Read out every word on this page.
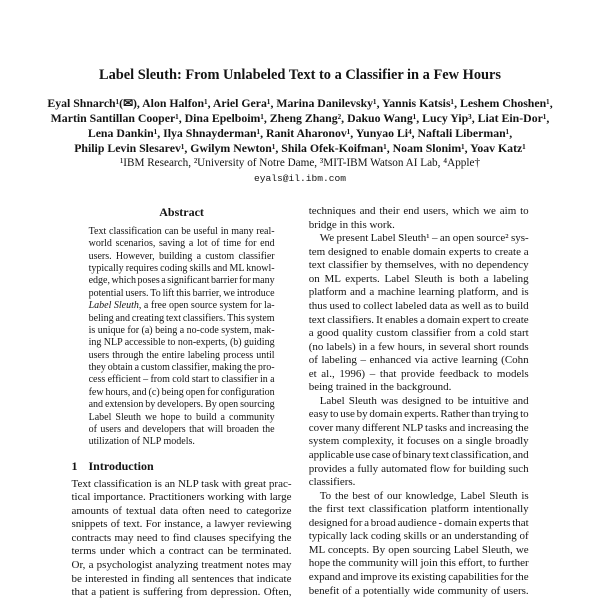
Label Sleuth: From Unlabeled Text to a Classifier in a Few Hours
Eyal Shnarch¹(✉), Alon Halfon¹, Ariel Gera¹, Marina Danilevsky¹, Yannis Katsis¹, Leshem Choshen¹,
Martin Santillan Cooper¹, Dina Epelboim¹, Zheng Zhang², Dakuo Wang¹, Lucy Yip³, Liat Ein-Dor¹,
Lena Dankin¹, Ilya Shnayderman¹, Ranit Aharonov¹, Yunyao Li⁴, Naftali Liberman¹,
Philip Levin Slesarev¹, Gwilym Newton¹, Shila Ofek-Koifman¹, Noam Slonim¹, Yoav Katz¹
¹IBM Research, ²University of Notre Dame, ³MIT-IBM Watson AI Lab, ⁴Apple†
eyals@il.ibm.com
Abstract
Text classification can be useful in many real-
world scenarios, saving a lot of time for end
users. However, building a custom classifier
typically requires coding skills and ML knowl-
edge, which poses a significant barrier for many
potential users. To lift this barrier, we introduce
Label Sleuth, a free open source system for la-
beling and creating text classifiers. This system
is unique for (a) being a no-code system, mak-
ing NLP accessible to non-experts, (b) guiding
users through the entire labeling process until
they obtain a custom classifier, making the pro-
cess efficient – from cold start to classifier in a
few hours, and (c) being open for configuration
and extension by developers. By open sourcing
Label Sleuth we hope to build a community
of users and developers that will broaden the
utilization of NLP models.
1 Introduction
Text classification is an NLP task with great prac-
tical importance. Practitioners working with large
amounts of textual data often need to categorize
snippets of text. For instance, a lawyer reviewing
contracts may need to find clauses specifying the
terms under which a contract can be terminated.
Or, a psychologist analyzing treatment notes may
be interested in finding all sentences that indicate
that a patient is suffering from depression. Often,
techniques and their end users, which we aim to
bridge in this work.
We present Label Sleuth¹ – an open source² sys-
tem designed to enable domain experts to create a
text classifier by themselves, with no dependency
on ML experts. Label Sleuth is both a labeling
platform and a machine learning platform, and is
thus used to collect labeled data as well as to build
text classifiers. It enables a domain expert to create
a good quality custom classifier from a cold start
(no labels) in a few hours, in several short rounds
of labeling – enhanced via active learning (Cohn
et al., 1996) – that provide feedback to models
being trained in the background.
Label Sleuth was designed to be intuitive and
easy to use by domain experts. Rather than trying to
cover many different NLP tasks and increasing the
system complexity, it focuses on a single broadly
applicable use case of binary text classification, and
provides a fully automated flow for building such
classifiers.
To the best of our knowledge, Label Sleuth is
the first text classification platform intentionally
designed for a broad audience - domain experts that
typically lack coding skills or an understanding of
ML concepts. By open sourcing Label Sleuth, we
hope the community will join this effort, to further
expand and improve its existing capabilities for the
benefit of a potentially wide community of users.
